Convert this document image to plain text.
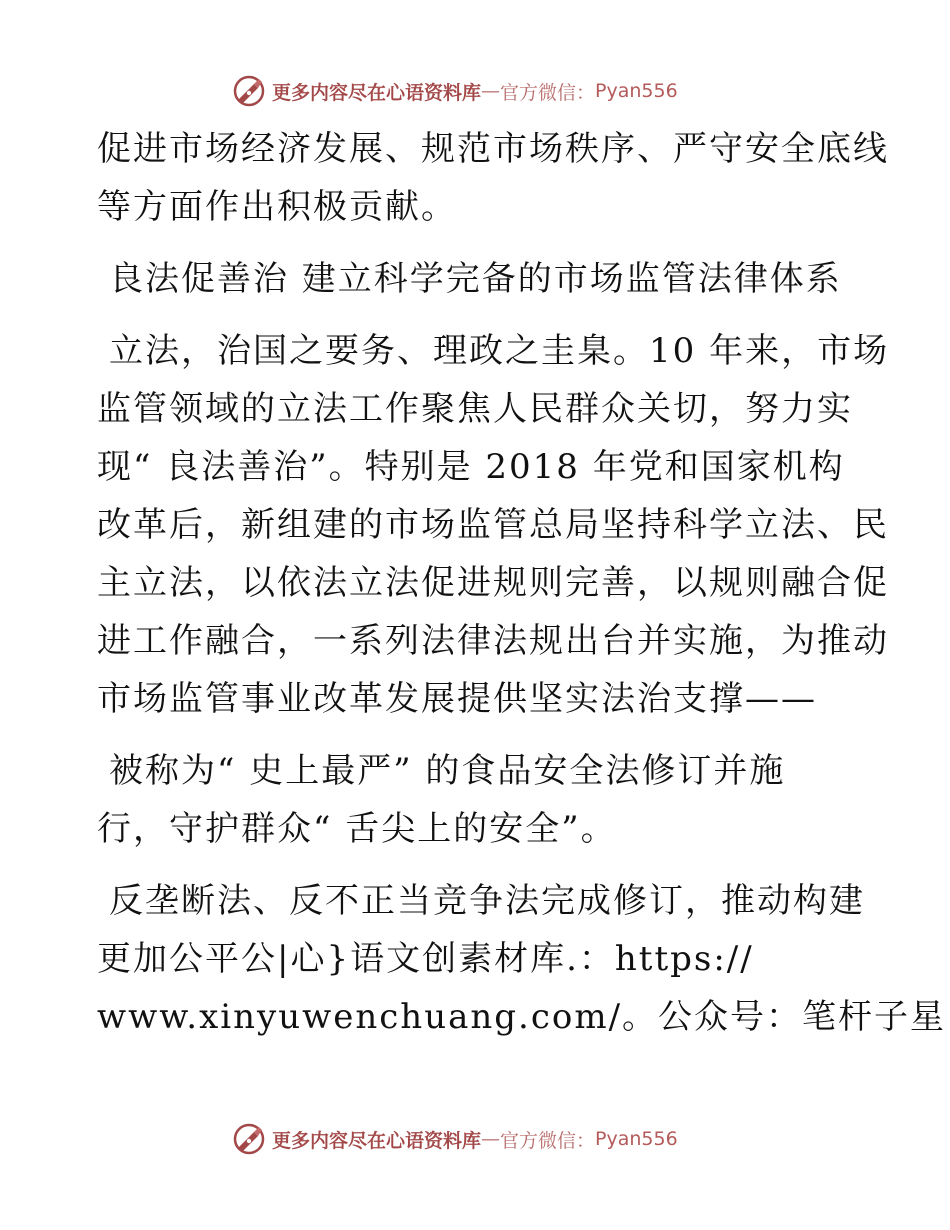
更多内容尽在心语资料库 — 官方微信： Pyan556
促进市场经济发展、规范市场秩序、严守安全底线
等方面作出积极贡献。
良法促善治 建立科学完备的市场监管法律体系
立法，治国之要务、理政之圭臬。10 年来，市场
监管领域的立法工作聚焦人民群众关切，努力实
现“ 良法善治”。特别是 2018 年党和国家机构
改革后，新组建的市场监管总局坚持科学立法、民
主立法，以依法立法促进规则完善，以规则融合促
进工作融合，一系列法律法规出台并实施，为推动
市场监管事业改革发展提供坚实法治支撑——
被称为“ 史上最严” 的食品安全法修订并施
行，守护群众“ 舌尖上的安全”。
反垄断法、反不正当竞争法完成修订，推动构建
更加公平公|心}语文创素材库.：https://
www.xinyuwenchuang.com/。公众号：笔杆子星
更多内容尽在心语资料库 — 官方微信： Pyan556
